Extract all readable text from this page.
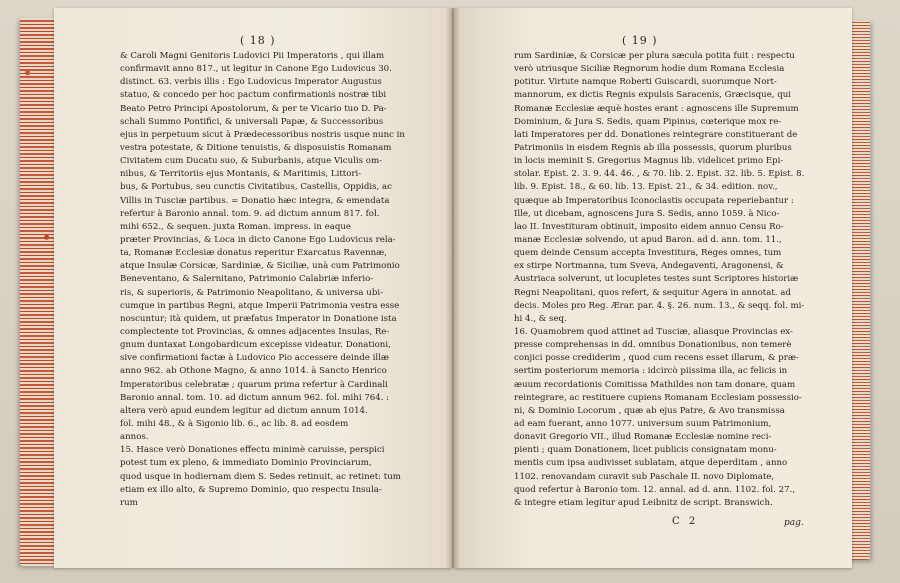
( 18 )
& Caroli Magni Genitoris Ludovici Pii Imperatoris , qui illam
confirmavit anno 817., ut legitur in Canone Ego Ludovicus 30.
distinct. 63. verbis illis : Ego Ludovicus Imperator Augustus
statuo, & concedo per hoc pactum confirmationis nostræ tibi
Beato Petro Principi Apostolorum, & per te Vicario tuo D. Pa-
schali Summo Pontifici, & universali Papæ, & Successoribus
ejus in perpetuum sicut à Prædecessoribus nostris usque nunc in
vestra potestate, & Ditione tenuistis, & disposuistis Romanam
Civitatem cum Ducatu suo, & Suburbanis, atque Viculis om-
nibus, & Territoriis ejus Montanis, & Maritimis, Littori-
bus, & Portubus, seu cunctis Civitatibus, Castellis, Oppidis, ac
Villis in Tusciæ partibus. = Donatio hæc integra, & emendata
refertur à Baronio annal. tom. 9. ad dictum annum 817. fol.
mihi 652., & sequen. juxta Roman. impress. in eaque
præter Provincias, & Loca in dicto Canone Ego Ludovicus rela-
ta, Romanæ Ecclesiæ donatus reperitur Exarcatus Ravennæ,
atque Insulæ Corsicæ, Sardiniæ, & Siciliæ, unà cum Patrimonio
Beneventano, & Salernitano, Patrimonio Calabriæ inferio-
ris, & superioris, & Patrimonio Neapolitano, & universa ubi-
cumque in partibus Regni, atque Imperii Patrimonia vestra esse
noscuntur; ità quidem, ut præfatus Imperator in Donatione ista
complectente tot Provincias, & omnes adjacentes Insulas, Re-
gnum duntaxat Longobardicum excepisse videatur. Donationi,
sive confirmationi factæ à Ludovico Pio accessere deinde illæ
anno 962. ab Othone Magno, & anno 1014. à Sancto Henrico
Imperatoribus celebratæ ; quarum prima refertur à Cardinali
Baronio annal. tom. 10. ad dictum annum 962. fol. mihi 764. :
altera verò apud eundem legitur ad dictum annum 1014.
fol. mihi 48., & à Sigonio lib. 6., ac lib. 8. ad eosdem
annos.
15. Hasce verò Donationes effectu minimè caruisse, perspici
potest tum ex pleno, & immediato Dominio Provinciarum,
quod usque in hodiernam diem S. Sedes retinuit, ac retinet: tum
etiam ex illo alto, & Supremo Dominio, quo respectu Insula-
rum
( 19 )
rum Sardiniæ, & Corsicæ per plura sæcula potita fuit : respectu
verò utriusque Siciliæ Regnorum hodie dum Romana Ecclesia
potitur. Virtute namque Roberti Guiscardi, suorumque Nort-
mannorum, ex dictis Regnis expulsis Saracenis, Græcisque, qui
Romanæ Ecclesiæ æquè hostes erant : agnoscens ille Supremum
Dominium, & Jura S. Sedis, quam Pipinus, cœterique mox re-
lati Imperatores per dd. Donationes reintegrare constituerant de
Patrimoniis in eisdem Regnis ab illa possessis, quorum pluribus
in locis meminit S. Gregorius Magnus lib. videlicet primo Epi-
stolar. Epist. 2. 3. 9. 44. 46. , & 70. lib. 2. Epist. 32. lib. 5. Epist. 8.
lib. 9. Epist. 18., & 60. lib. 13. Epist. 21., & 34. edition. nov.,
quæque ab Imperatoribus Iconoclastis occupata reperiebantur :
Ille, ut dicebam, agnoscens Jura S. Sedis, anno 1059. à Nico-
lao II. Investituram obtinuit, imposito eidem annuo Censu Ro-
manæ Ecclesiæ solvendo, ut apud Baron. ad d. ann. tom. 11.,
quem deinde Censum accepta Investitura, Reges omnes, tum
ex stirpe Nortmanna, tum Sveva, Andegaventi, Aragonensi, &
Austriaca solverunt, ut locupletes testes sunt Scriptores historiæ
Regni Neapolitani, quos refert, & sequitur Agera in annotat. ad
decis. Moles pro Reg. Ærar. par. 4. §. 26. num. 13., & seqq. fol. mi-
hi 4., & seq.
16. Quamobrem quod attinet ad Tusciæ, aliasque Provincias ex-
presse comprehensas in dd. omnibus Donationibus, non temerè
conjici posse crediderim , quod cum recens esset illarum, & præ-
sertim posteriorum memoria : idcircò piissima illa, ac felicis in
æuum recordationis Comitissa Mathildes non tam donare, quam
reintegrare, ac restituere cupiens Romanam Ecclesiam possessio-
ni, & Dominio Locorum , quæ ab ejus Patre, & Avo transmissa
ad eam fuerant, anno 1077. universum suum Patrimonium,
donavit Gregorio VII., illud Romanæ Ecclesiæ nomine reci-
pienti ; quam Donationem, licet publicis consignatam monu-
mentis cum ipsa audivisset sublatam, atque deperditam , anno
1102. renovandam curavit sub Paschale II. novo Diplomate,
quod refertur à Baronio tom. 12. annal. ad d. ann. 1102. fol. 27.,
& integre etiam legitur apud Leibnitz de script. Branswich.
C 2	pag.
